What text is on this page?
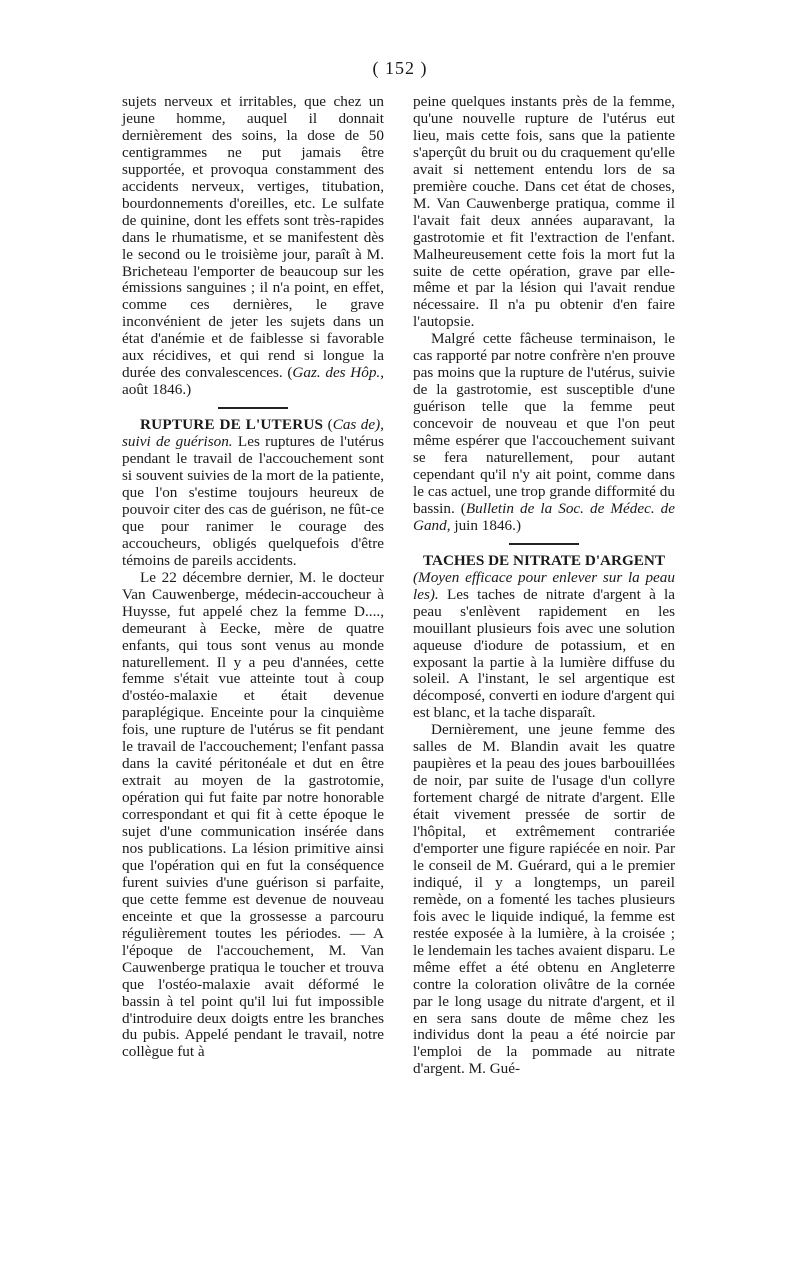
( 152 )

sujets nerveux et irritables, que chez un jeune homme, auquel il donnait dernièrement des soins, la dose de 50 centigrammes ne put jamais être supportée, et provoqua constamment des accidents nerveux, vertiges, titubation, bourdonnements d'oreilles, etc. Le sulfate de quinine, dont les effets sont très-rapides dans le rhumatisme, et se manifestent dès le second ou le troisième jour, paraît à M. Bricheteau l'emporter de beaucoup sur les émissions sanguines ; il n'a point, en effet, comme ces dernières, le grave inconvénient de jeter les sujets dans un état d'anémie et de faiblesse si favorable aux récidives, et qui rend si longue la durée des convalescences. (Gaz. des Hôp., août 1846.)

RUPTURE DE L'UTERUS (Cas de), suivi de guérison. Les ruptures de l'utérus pendant le travail de l'accouchement sont si souvent suivies de la mort de la patiente, que l'on s'estime toujours heureux de pouvoir citer des cas de guérison, ne fût-ce que pour ranimer le courage des accoucheurs, obligés quelquefois d'être témoins de pareils accidents.

Le 22 décembre dernier, M. le docteur Van Cauwenberge, médecin-accoucheur à Huysse, fut appelé chez la femme D...., demeurant à Eecke, mère de quatre enfants, qui tous sont venus au monde naturellement. Il y a peu d'années, cette femme s'était vue atteinte tout à coup d'ostéo-malaxie et était devenue paraplégique. Enceinte pour la cinquième fois, une rupture de l'utérus se fit pendant le travail de l'accouchement; l'enfant passa dans la cavité péritonéale et dut en être extrait au moyen de la gastrotomie, opération qui fut faite par notre honorable correspondant et qui fit à cette époque le sujet d'une communication insérée dans nos publications. La lésion primitive ainsi que l'opération qui en fut la conséquence furent suivies d'une guérison si parfaite, que cette femme est devenue de nouveau enceinte et que la grossesse a parcouru régulièrement toutes les périodes. — A l'époque de l'accouchement, M. Van Cauwenberge pratiqua le toucher et trouva que l'ostéo-malaxie avait déformé le bassin à tel point qu'il lui fut impossible d'introduire deux doigts entre les branches du pubis. Appelé pendant le travail, notre collègue fut à

peine quelques instants près de la femme, qu'une nouvelle rupture de l'utérus eut lieu, mais cette fois, sans que la patiente s'aperçût du bruit ou du craquement qu'elle avait si nettement entendu lors de sa première couche. Dans cet état de choses, M. Van Cauwenberge pratiqua, comme il l'avait fait deux années auparavant, la gastrotomie et fit l'extraction de l'enfant. Malheureusement cette fois la mort fut la suite de cette opération, grave par elle-même et par la lésion qui l'avait rendue nécessaire. Il n'a pu obtenir d'en faire l'autopsie.

Malgré cette fâcheuse terminaison, le cas rapporté par notre confrère n'en prouve pas moins que la rupture de l'utérus, suivie de la gastrotomie, est susceptible d'une guérison telle que la femme peut concevoir de nouveau et que l'on peut même espérer que l'accouchement suivant se fera naturellement, pour autant cependant qu'il n'y ait point, comme dans le cas actuel, une trop grande difformité du bassin. (Bulletin de la Soc. de Médec. de Gand, juin 1846.)

TACHES DE NITRATE D'ARGENT

(Moyen efficace pour enlever sur la peau les). Les taches de nitrate d'argent à la peau s'enlèvent rapidement en les mouillant plusieurs fois avec une solution aqueuse d'iodure de potassium, et en exposant la partie à la lumière diffuse du soleil. A l'instant, le sel argentique est décomposé, converti en iodure d'argent qui est blanc, et la tache disparaît.

Dernièrement, une jeune femme des salles de M. Blandin avait les quatre paupières et la peau des joues barbouillées de noir, par suite de l'usage d'un collyre fortement chargé de nitrate d'argent. Elle était vivement pressée de sortir de l'hôpital, et extrêmement contrariée d'emporter une figure rapiécée en noir. Par le conseil de M. Guérard, qui a le premier indiqué, il y a longtemps, un pareil remède, on a fomenté les taches plusieurs fois avec le liquide indiqué, la femme est restée exposée à la lumière, à la croisée ; le lendemain les taches avaient disparu. Le même effet a été obtenu en Angleterre contre la coloration olivâtre de la cornée par le long usage du nitrate d'argent, et il en sera sans doute de même chez les individus dont la peau a été noircie par l'emploi de la pommade au nitrate d'argent. M. Gué-
